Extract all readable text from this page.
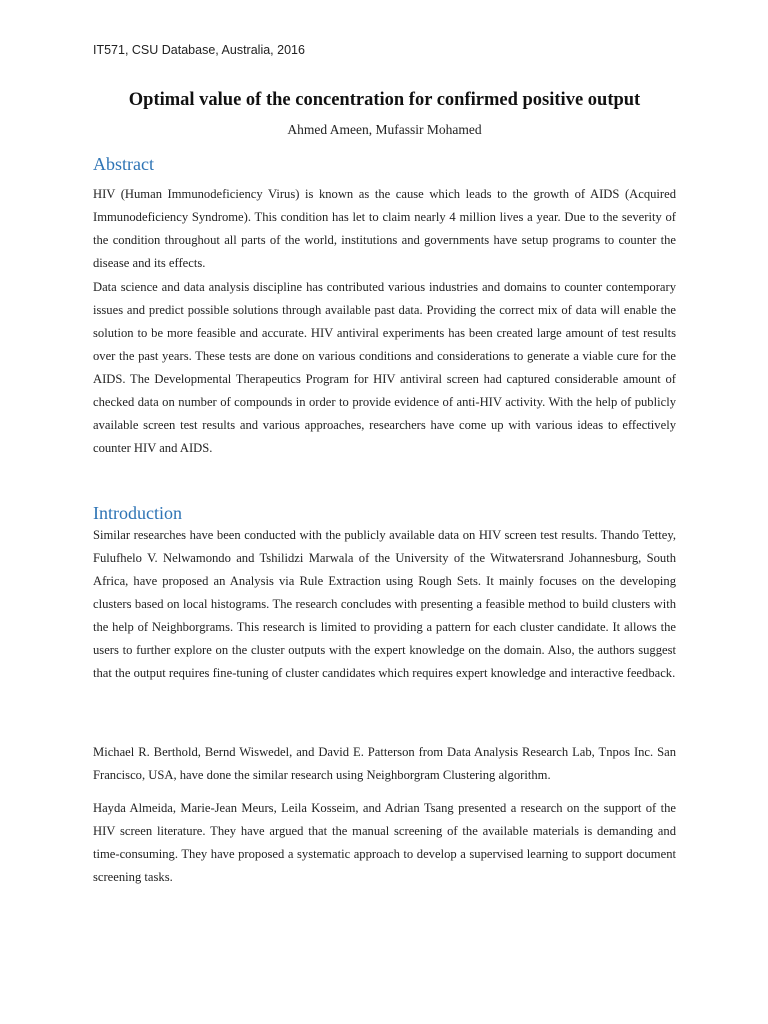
IT571, CSU Database, Australia, 2016
Optimal value of the concentration for confirmed positive output
Ahmed Ameen, Mufassir Mohamed
Abstract

HIV (Human Immunodeficiency Virus) is known as the cause which leads to the growth of AIDS (Acquired Immunodeficiency Syndrome). This condition has let to claim nearly 4 million lives a year. Due to the severity of the condition throughout all parts of the world, institutions and governments have setup programs to counter the disease and its effects.

Data science and data analysis discipline has contributed various industries and domains to counter contemporary issues and predict possible solutions through available past data. Providing the correct mix of data will enable the solution to be more feasible and accurate. HIV antiviral experiments has been created large amount of test results over the past years. These tests are done on various conditions and considerations to generate a viable cure for the AIDS. The Developmental Therapeutics Program for HIV antiviral screen had captured considerable amount of checked data on number of compounds in order to provide evidence of anti-HIV activity. With the help of publicly available screen test results and various approaches, researchers have come up with various ideas to effectively counter HIV and AIDS.

Introduction

Similar researches have been conducted with the publicly available data on HIV screen test results. Thando Tettey, Fulufhelo V. Nelwamondo and Tshilidzi Marwala of the University of the Witwatersrand Johannesburg, South Africa, have proposed an Analysis via Rule Extraction using Rough Sets. It mainly focuses on the developing clusters based on local histograms. The research concludes with presenting a feasible method to build clusters with the help of Neighborgrams. This research is limited to providing a pattern for each cluster candidate. It allows the users to further explore on the cluster outputs with the expert knowledge on the domain. Also, the authors suggest that the output requires fine-tuning of cluster candidates which requires expert knowledge and interactive feedback.

Michael R. Berthold, Bernd Wiswedel, and David E. Patterson from Data Analysis Research Lab, Tnpos Inc. San Francisco, USA, have done the similar research using Neighborgram Clustering algorithm.

Hayda Almeida, Marie-Jean Meurs, Leila Kosseim, and Adrian Tsang presented a research on the support of the HIV screen literature. They have argued that the manual screening of the available materials is demanding and time-consuming. They have proposed a systematic approach to develop a supervised learning to support document screening tasks.
